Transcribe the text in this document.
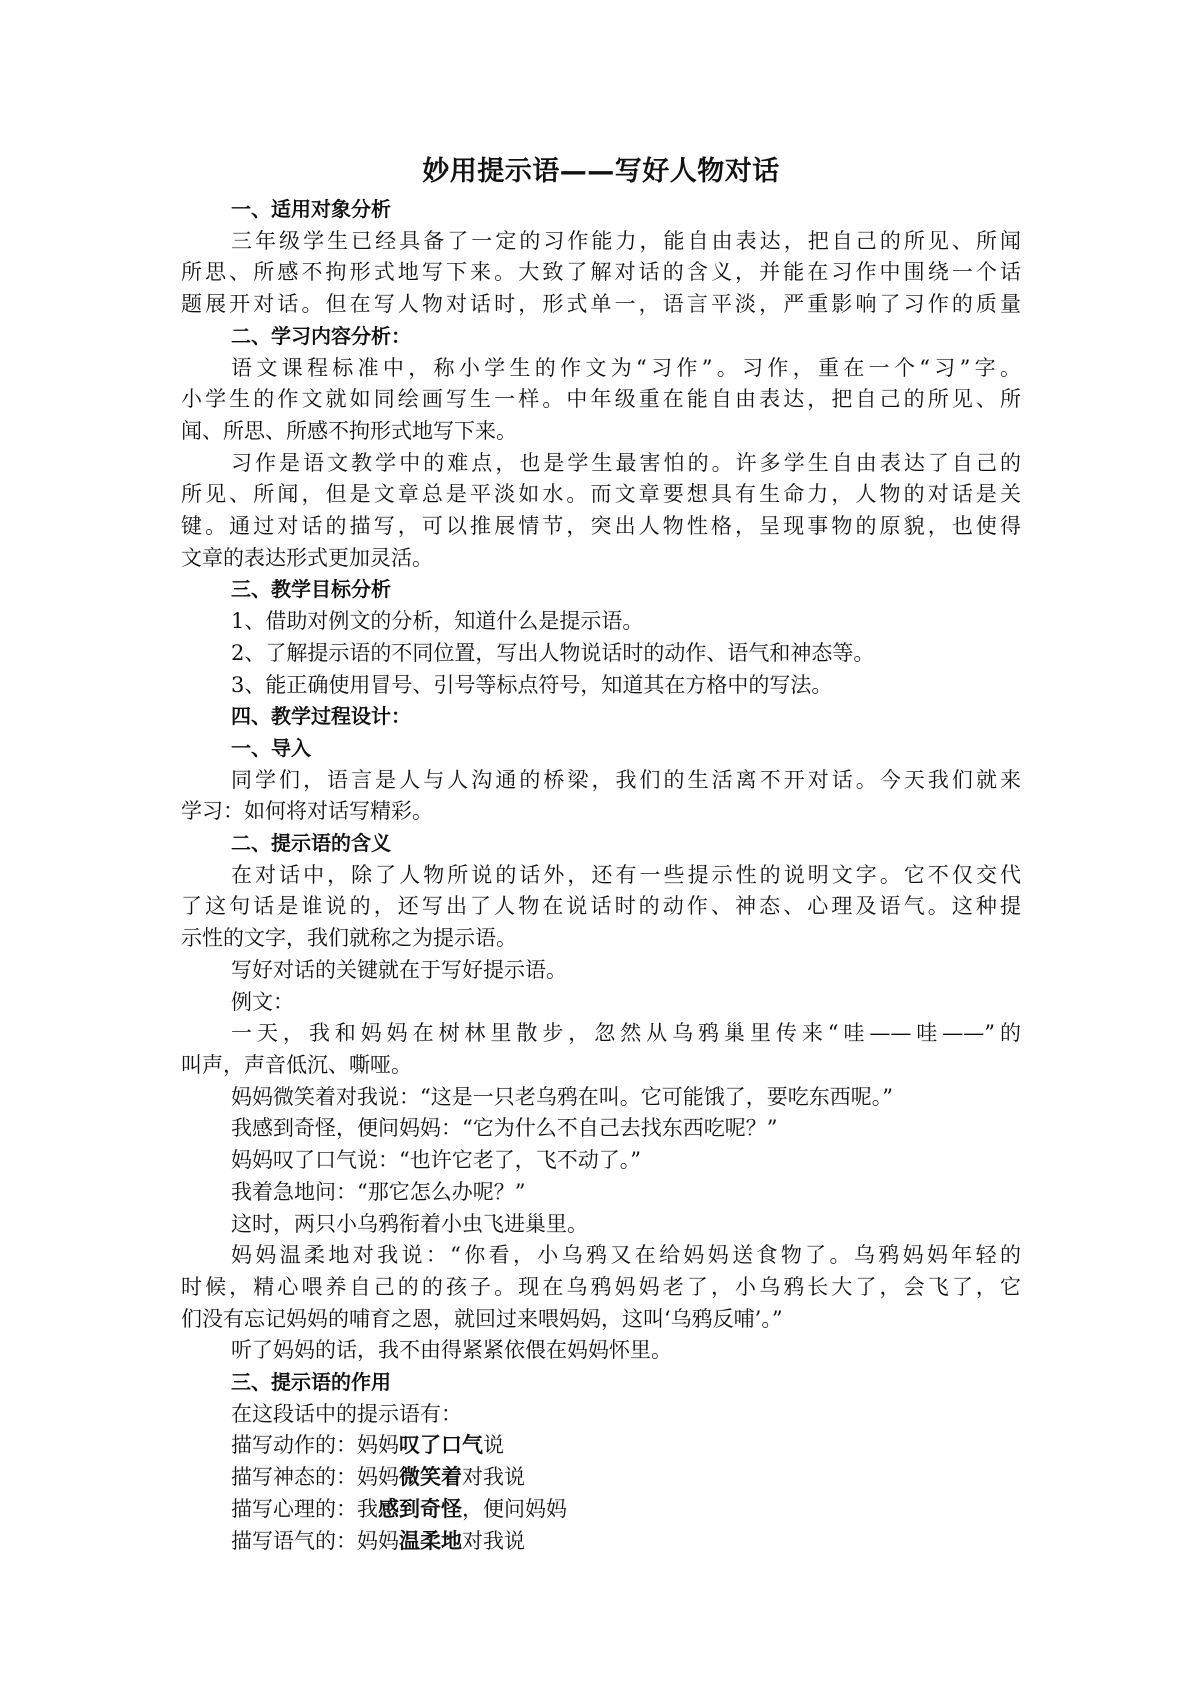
妙用提示语——写好人物对话

一、适用对象分析

三年级学生已经具备了一定的习作能力，能自由表达，把自己的所见、所闻

所思、所感不拘形式地写下来。大致了解对话的含义，并能在习作中围绕一个话

题展开对话。但在写人物对话时，形式单一，语言平淡，严重影响了习作的质量

二、学习内容分析：

语文课程标准中，称小学生的作文为“习作”。习作，重在一个“习”字。

小学生的作文就如同绘画写生一样。中年级重在能自由表达，把自己的所见、所

闻、所思、所感不拘形式地写下来。

习作是语文教学中的难点，也是学生最害怕的。许多学生自由表达了自己的

所见、所闻，但是文章总是平淡如水。而文章要想具有生命力，人物的对话是关

键。通过对话的描写，可以推展情节，突出人物性格，呈现事物的原貌，也使得

文章的表达形式更加灵活。

三、教学目标分析

1、借助对例文的分析，知道什么是提示语。

2、了解提示语的不同位置，写出人物说话时的动作、语气和神态等。

3、能正确使用冒号、引号等标点符号，知道其在方格中的写法。

四、教学过程设计：

一、导入

同学们，语言是人与人沟通的桥梁，我们的生活离不开对话。今天我们就来

学习：如何将对话写精彩。

二、提示语的含义

在对话中，除了人物所说的话外，还有一些提示性的说明文字。它不仅交代

了这句话是谁说的，还写出了人物在说话时的动作、神态、心理及语气。这种提

示性的文字，我们就称之为提示语。

写好对话的关键就在于写好提示语。

例文：

一天，我和妈妈在树林里散步，忽然从乌鸦巢里传来“哇——哇——”的

叫声，声音低沉、嘶哑。

妈妈微笑着对我说：“这是一只老乌鸦在叫。它可能饿了，要吃东西呢。”

我感到奇怪，便问妈妈：“它为什么不自己去找东西吃呢？”

妈妈叹了口气说：“也许它老了，飞不动了。”

我着急地问：“那它怎么办呢？”

这时，两只小乌鸦衔着小虫飞进巢里。

妈妈温柔地对我说：“你看，小乌鸦又在给妈妈送食物了。乌鸦妈妈年轻的

时候，精心喂养自己的的孩子。现在乌鸦妈妈老了，小乌鸦长大了，会飞了，它

们没有忘记妈妈的哺育之恩，就回过来喂妈妈，这叫‘乌鸦反哺’。”

听了妈妈的话，我不由得紧紧依偎在妈妈怀里。

三、提示语的作用

在这段话中的提示语有：

描写动作的：妈妈叹了口气说

描写神态的：妈妈微笑着对我说

描写心理的：我感到奇怪，便问妈妈

描写语气的：妈妈温柔地对我说
